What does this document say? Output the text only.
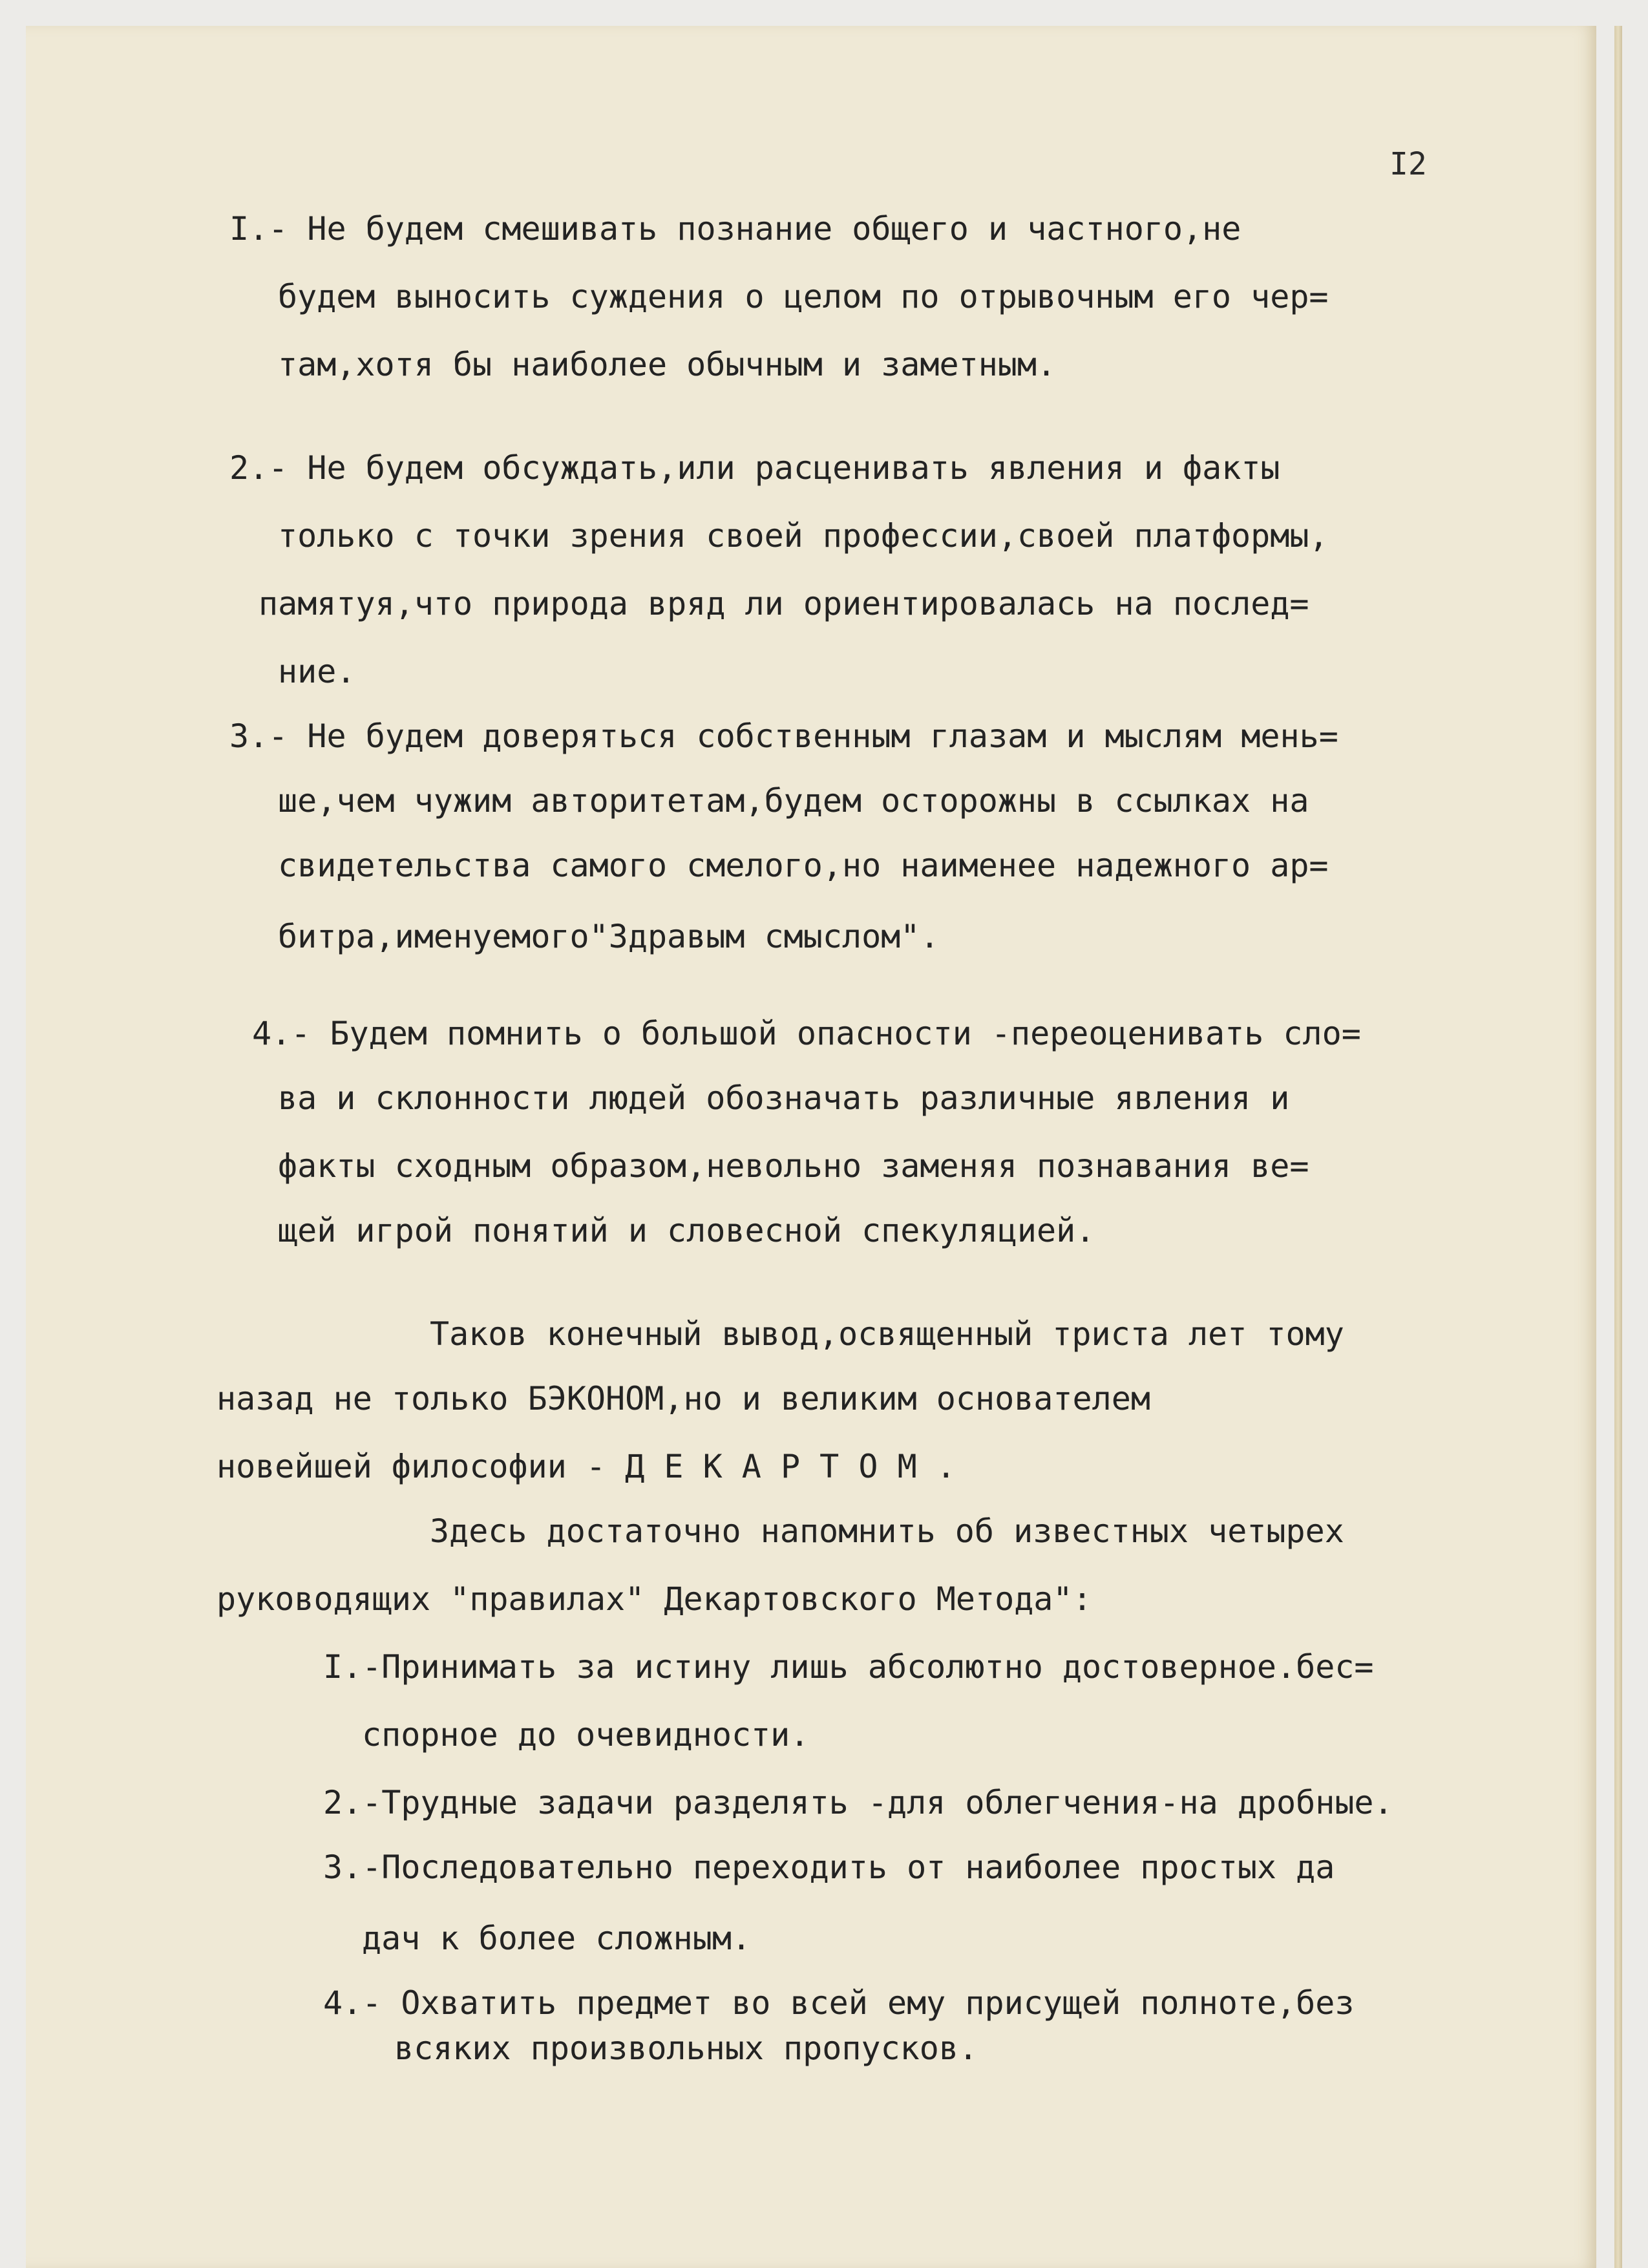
I2
I.- Не будем смешивать познание общего и частного,не
будем выносить суждения о целом по отрывочным его чер=
там,хотя бы наиболее обычным и заметным.
2.- Не будем обсуждать,или расценивать явления и факты
только с точки зрения своей профессии,своей платформы,
памятуя,что природа вряд ли ориентировалась на послед=
ние.
3.- Не будем доверяться собственным глазам и мыслям мень=
ше,чем чужим авторитетам,будем осторожны в ссылках на
свидетельства самого смелого,но наименее надежного ар=
битра,именуемого"Здравым смыслом".
4.- Будем помнить о большой опасности -переоценивать сло=
ва и склонности людей обозначать различные явления и
факты сходным образом,невольно заменяя познавания ве=
щей игрой понятий и словесной спекуляцией.
Таков конечный вывод,освященный триста лет тому
назад не только БЭКОНОМ,но и великим основателем
новейшей философии - Д Е К А Р Т О М .
Здесь достаточно напомнить об известных четырех
руководящих "правилах" Декартовского Метода":
I.-Принимать за истину лишь абсолютно достоверное.бес=
спорное до очевидности.
2.-Трудные задачи разделять -для облегчения-на дробные.
3.-Последовательно переходить от наиболее простых да
дач к более сложным.
4.- Охватить предмет во всей ему присущей полноте,без
всяких произвольных пропусков.
